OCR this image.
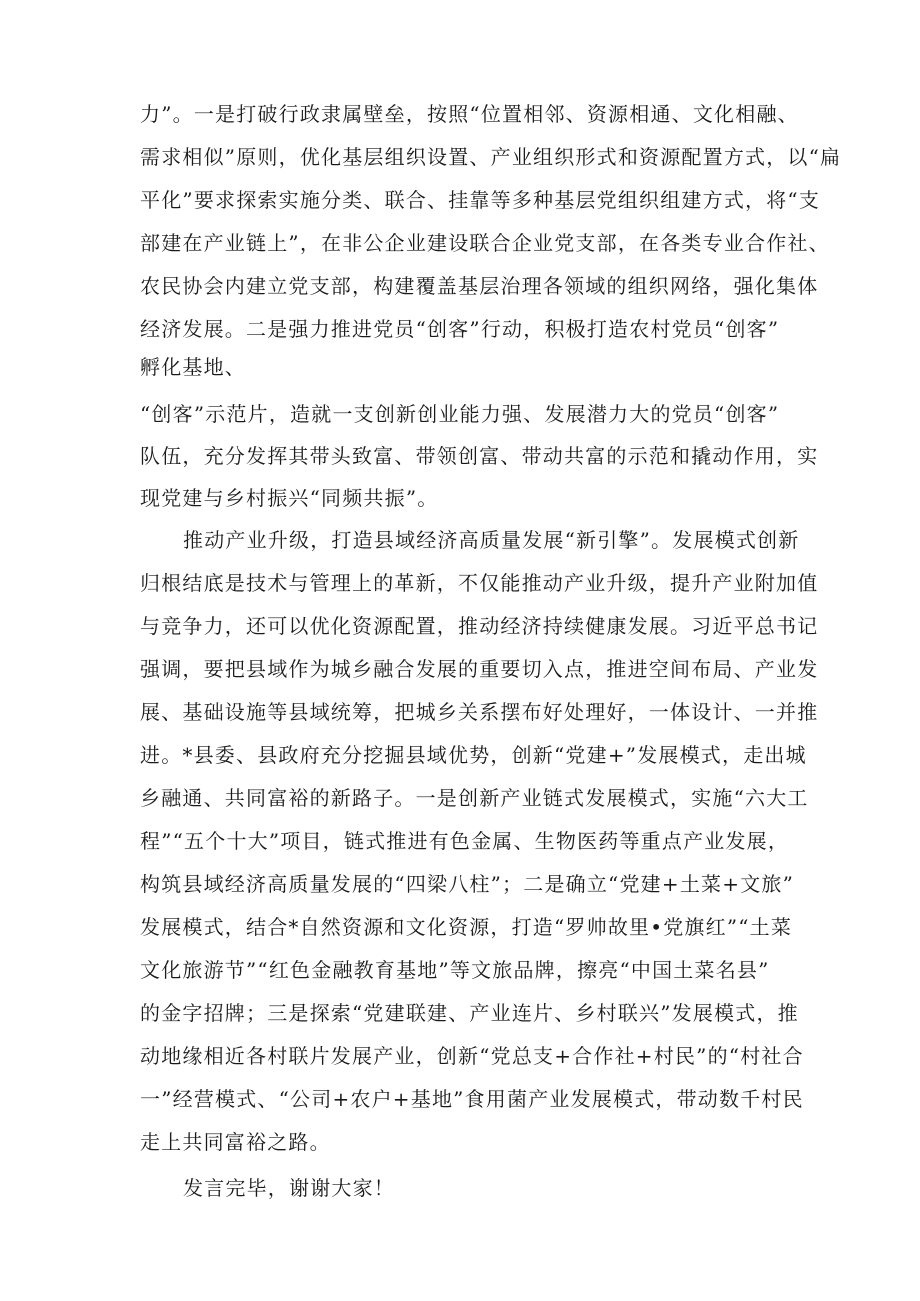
力”。一是打破行政隶属壁垒，按照“位置相邻、资源相通、文化相融、
需求相似”原则，优化基层组织设置、产业组织形式和资源配置方式，以“扁
平化”要求探索实施分类、联合、挂靠等多种基层党组织组建方式，将“支
部建在产业链上”，在非公企业建设联合企业党支部，在各类专业合作社、
农民协会内建立党支部，构建覆盖基层治理各领域的组织网络，强化集体
经济发展。二是强力推进党员“创客”行动，积极打造农村党员“创客”
孵化基地、
“创客”示范片，造就一支创新创业能力强、发展潜力大的党员“创客”
队伍，充分发挥其带头致富、带领创富、带动共富的示范和撬动作用，实
现党建与乡村振兴“同频共振”。
推动产业升级，打造县域经济高质量发展“新引擎”。发展模式创新
归根结底是技术与管理上的革新，不仅能推动产业升级，提升产业附加值
与竞争力，还可以优化资源配置，推动经济持续健康发展。习近平总书记
强调，要把县域作为城乡融合发展的重要切入点，推进空间布局、产业发
展、基础设施等县域统筹，把城乡关系摆布好处理好，一体设计、一并推
进。*县委、县政府充分挖掘县域优势，创新“党建+”发展模式，走出城
乡融通、共同富裕的新路子。一是创新产业链式发展模式，实施“六大工
程”“五个十大”项目，链式推进有色金属、生物医药等重点产业发展，
构筑县域经济高质量发展的“四梁八柱”；二是确立“党建+土菜+文旅”
发展模式，结合*自然资源和文化资源，打造“罗帅故里•党旗红”“土菜
文化旅游节”“红色金融教育基地”等文旅品牌，擦亮“中国土菜名县”
的金字招牌；三是探索“党建联建、产业连片、乡村联兴”发展模式，推
动地缘相近各村联片发展产业，创新“党总支+合作社+村民”的“村社合
一”经营模式、“公司+农户+基地”食用菌产业发展模式，带动数千村民
走上共同富裕之路。
发言完毕，谢谢大家！
